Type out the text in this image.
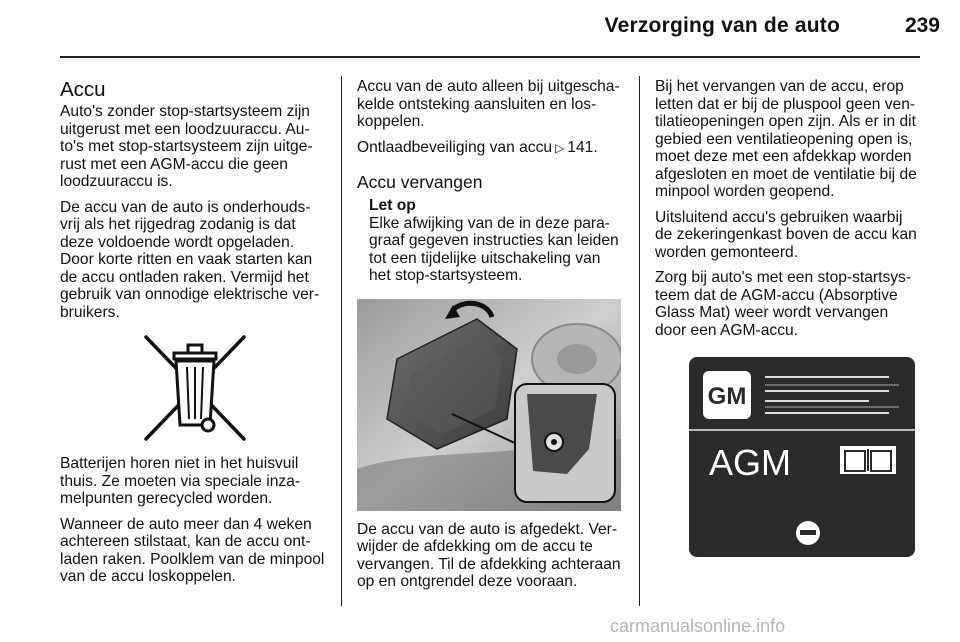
Verzorging van de auto	239
Accu

Auto's zonder stop-startsysteem zijn uitgerust met een loodzuuraccu. Auto's met stop-startsysteem zijn uitgerust met een AGM-accu die geen loodzuuraccu is.

De accu van de auto is onderhoudsvrij als het rijgedrag zodanig is dat deze voldoende wordt opgeladen. Door korte ritten en vaak starten kan de accu ontladen raken. Vermijd het gebruik van onnodige elektrische verbruikers.

Batterijen horen niet in het huisvuil thuis. Ze moeten via speciale inzamelpunten gerecycled worden.

Wanneer de auto meer dan 4 weken achtereen stilstaat, kan de accu ontladen raken. Poolklem van de minpool van de accu loskoppelen.

Accu van de auto alleen bij uitgeschakelde ontsteking aansluiten en loskoppelen.

Ontlaadbeveiliging van accu ▷ 141.

Accu vervangen
Let op
Elke afwijking van de in deze paragraaf gegeven instructies kan leiden tot een tijdelijke uitschakeling van het stop-startsysteem.

De accu van de auto is afgedekt. Verwijder de afdekking om de accu te vervangen. Til de afdekking achteraan op en ontgrendel deze vooraan.

Bij het vervangen van de accu, erop letten dat er bij de pluspool geen ventilatieopeningen open zijn. Als er in dit gebied een ventilatieopening open is, moet deze met een afdekkap worden afgesloten en moet de ventilatie bij de minpool worden geopend.

Uitsluitend accu's gebruiken waarbij de zekeringenkast boven de accu kan worden gemonteerd.

Zorg bij auto's met een stop-startsysteem dat de AGM-accu (Absorptive Glass Mat) weer wordt vervangen door een AGM-accu.

GM
AGM
carmanualsonline.info
